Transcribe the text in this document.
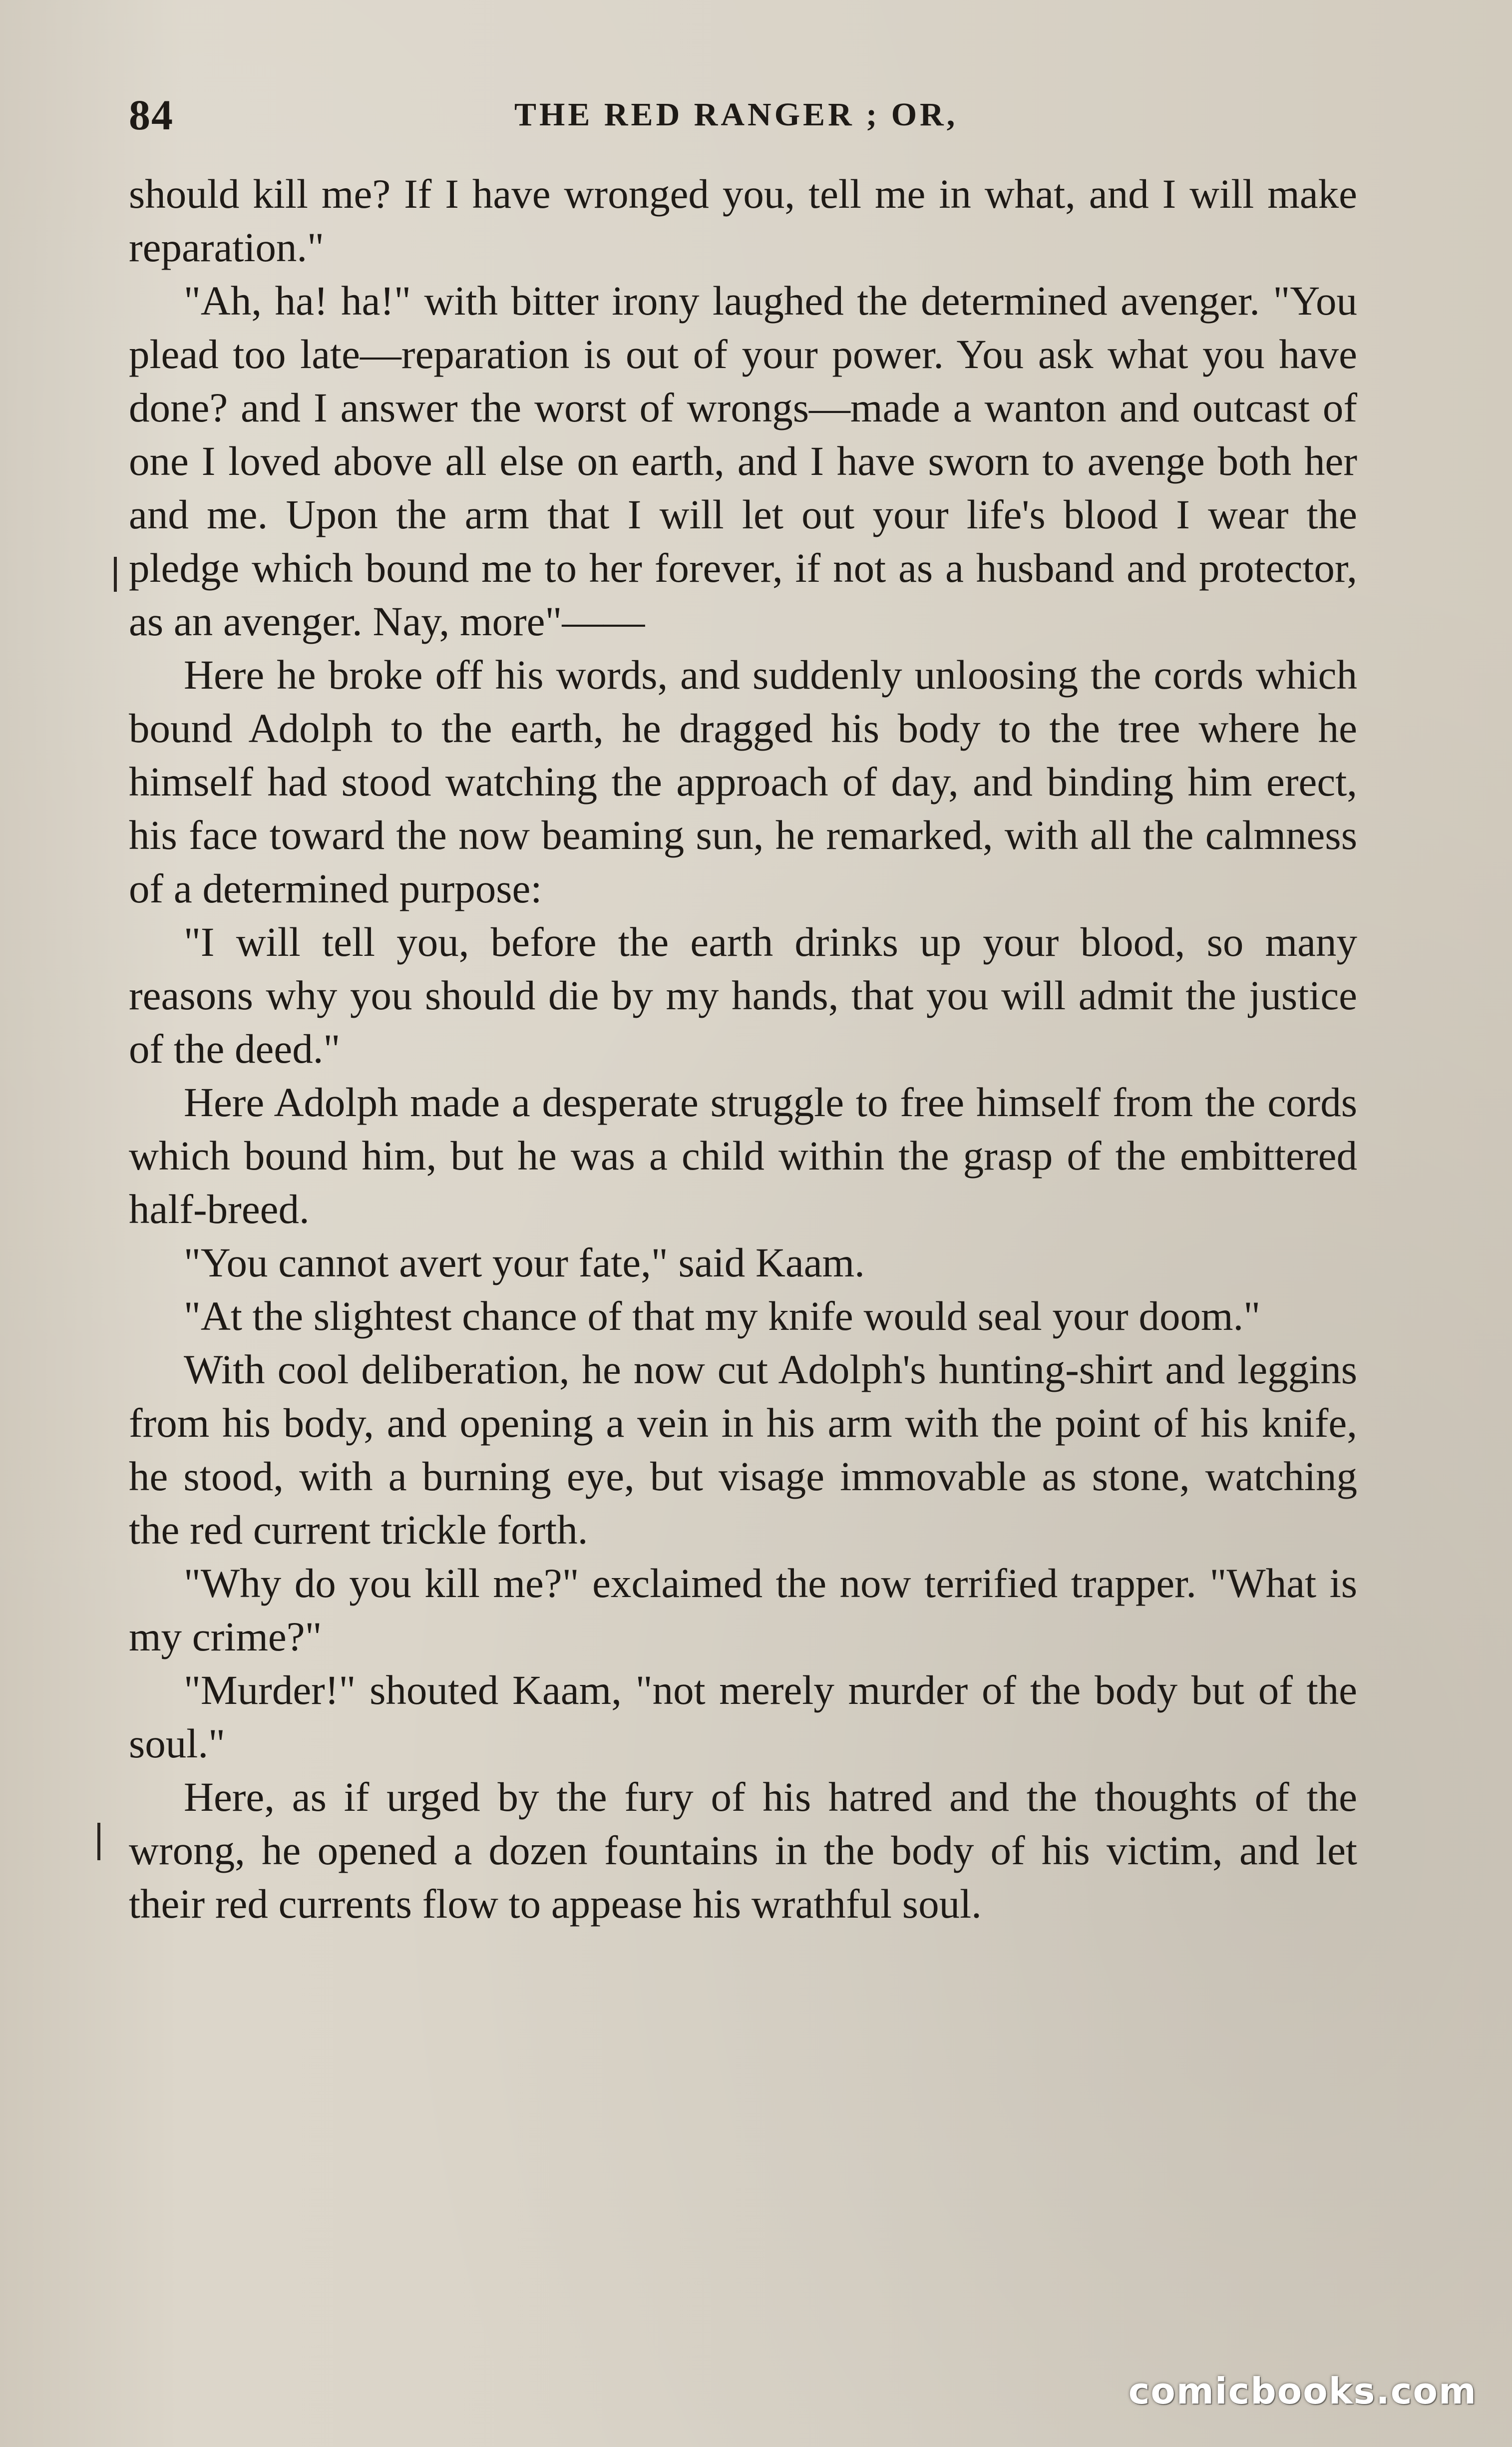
84	THE RED RANGER ; OR,

should kill me? If I have wronged you, tell me in what, and I will make reparation."

"Ah, ha! ha!" with bitter irony laughed the determined avenger. "You plead too late—reparation is out of your power. You ask what you have done? and I answer the worst of wrongs—made a wanton and outcast of one I loved above all else on earth, and I have sworn to avenge both her and me. Upon the arm that I will let out your life's blood I wear the pledge which bound me to her forever, if not as a husband and protector, as an avenger. Nay, more"——

Here he broke off his words, and suddenly unloosing the cords which bound Adolph to the earth, he dragged his body to the tree where he himself had stood watching the approach of day, and binding him erect, his face toward the now beaming sun, he remarked, with all the calmness of a determined purpose:

"I will tell you, before the earth drinks up your blood, so many reasons why you should die by my hands, that you will admit the justice of the deed."

Here Adolph made a desperate struggle to free himself from the cords which bound him, but he was a child within the grasp of the embittered half-breed.

"You cannot avert your fate," said Kaam.

"At the slightest chance of that my knife would seal your doom."

With cool deliberation, he now cut Adolph's hunting-shirt and leggins from his body, and opening a vein in his arm with the point of his knife, he stood, with a burning eye, but visage immovable as stone, watching the red current trickle forth.

"Why do you kill me?" exclaimed the now terrified trapper. "What is my crime?"

"Murder!" shouted Kaam, "not merely murder of the body but of the soul."

Here, as if urged by the fury of his hatred and the thoughts of the wrong, he opened a dozen fountains in the body of his victim, and let their red currents flow to appease his wrathful soul.

comicbooks.com
